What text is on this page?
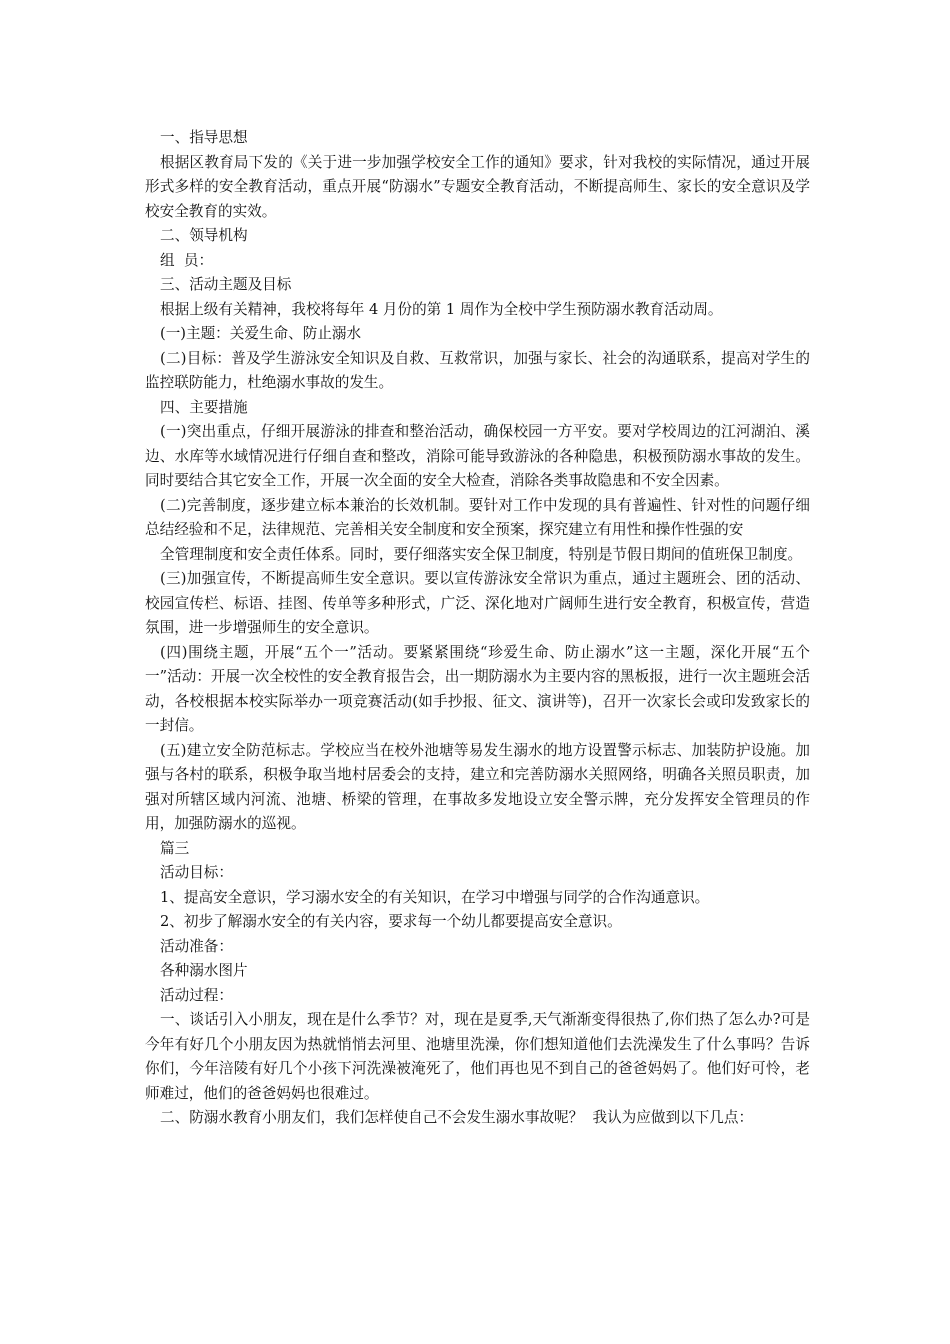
一、指导思想

根据区教育局下发的《关于进一步加强学校安全工作的通知》要求，针对我校的实际情况，通过开展形式多样的安全教育活动，重点开展“防溺水”专题安全教育活动，不断提高师生、家长的安全意识及学校安全教育的实效。

二、领导机构

组  员：

三、活动主题及目标

根据上级有关精神，我校将每年 4 月份的第 1 周作为全校中学生预防溺水教育活动周。

(一)主题：关爱生命、防止溺水

(二)目标：普及学生游泳安全知识及自救、互救常识，加强与家长、社会的沟通联系，提高对学生的监控联防能力，杜绝溺水事故的发生。

四、主要措施

(一)突出重点，仔细开展游泳的排查和整治活动，确保校园一方平安。要对学校周边的江河湖泊、溪边、水库等水域情况进行仔细自查和整改，消除可能导致游泳的各种隐患，积极预防溺水事故的发生。同时要结合其它安全工作，开展一次全面的安全大检查，消除各类事故隐患和不安全因素。

(二)完善制度，逐步建立标本兼治的长效机制。要针对工作中发现的具有普遍性、针对性的问题仔细总结经验和不足，法律规范、完善相关安全制度和安全预案，探究建立有用性和操作性强的安

全管理制度和安全责任体系。同时，要仔细落实安全保卫制度，特别是节假日期间的值班保卫制度。

(三)加强宣传，不断提高师生安全意识。要以宣传游泳安全常识为重点，通过主题班会、团的活动、校园宣传栏、标语、挂图、传单等多种形式，广泛、深化地对广阔师生进行安全教育，积极宣传，营造氛围，进一步增强师生的安全意识。

(四)围绕主题，开展“五个一”活动。要紧紧围绕“珍爱生命、防止溺水”这一主题，深化开展“五个一”活动：开展一次全校性的安全教育报告会，出一期防溺水为主要内容的黑板报，进行一次主题班会活动，各校根据本校实际举办一项竞赛活动(如手抄报、征文、演讲等)，召开一次家长会或印发致家长的一封信。

(五)建立安全防范标志。学校应当在校外池塘等易发生溺水的地方设置警示标志、加装防护设施。加强与各村的联系，积极争取当地村居委会的支持，建立和完善防溺水关照网络，明确各关照员职责，加强对所辖区域内河流、池塘、桥梁的管理，在事故多发地设立安全警示牌，充分发挥安全管理员的作用，加强防溺水的巡视。

篇三

活动目标：

1、提高安全意识，学习溺水安全的有关知识，在学习中增强与同学的合作沟通意识。

2、初步了解溺水安全的有关内容，要求每一个幼儿都要提高安全意识。

活动准备：

各种溺水图片

活动过程：

一、谈话引入小朋友，现在是什么季节？对，现在是夏季,天气渐渐变得很热了,你们热了怎么办?可是今年有好几个小朋友因为热就悄悄去河里、池塘里洗澡，你们想知道他们去洗澡发生了什么事吗？告诉你们，今年涪陵有好几个小孩下河洗澡被淹死了，他们再也见不到自己的爸爸妈妈了。他们好可怜，老师难过，他们的爸爸妈妈也很难过。

二、防溺水教育小朋友们，我们怎样使自己不会发生溺水事故呢？  我认为应做到以下几点：
